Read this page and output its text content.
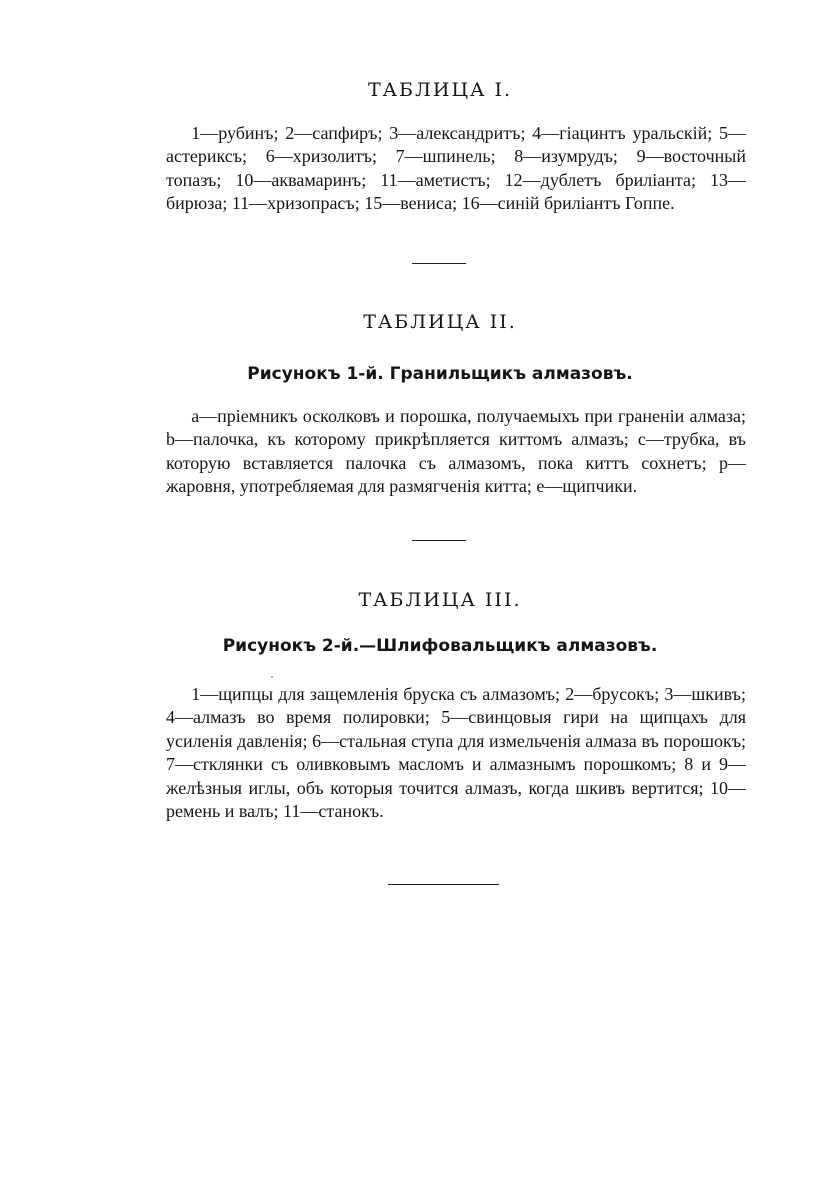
ТАБЛИЦА I.

1—рубинъ; 2—сапфиръ; 3—александритъ; 4—гіацинтъ уральскій; 5—астериксъ; 6—хризолитъ; 7—шпинель; 8—изумрудъ; 9—восточный топазъ; 10—аквамаринъ; 11—аметистъ; 12—дублетъ бриліанта; 13—бирюза; 11—хризопрасъ; 15—вениса; 16—синій бриліантъ Гоппе.

ТАБЛИЦА II.
Рисунокъ 1-й. Гранильщикъ алмазовъ.

a—пріемникъ осколковъ и порошка, получаемыхъ при граненіи алмаза; b—палочка, къ которому прикрѣпляется киттомъ алмазъ; c—трубка, въ которую вставляется палочка съ алмазомъ, пока киттъ сохнетъ; p—жаровня, употребляемая для размягченія китта; e—щипчики.

ТАБЛИЦА III.
Рисунокъ 2-й.—Шлифовальщикъ алмазовъ.

1—щипцы для защемленія бруска съ алмазомъ; 2—брусокъ; 3—шкивъ; 4—алмазъ во время полировки; 5—свинцовыя гири на щипцахъ для усиленія давленія; 6—стальная ступа для измельченія алмаза въ порошокъ; 7—стклянки съ оливковымъ масломъ и алмазнымъ порошкомъ; 8 и 9—желѣзныя иглы, объ которыя точится алмазъ, когда шкивъ вертится; 10—ремень и валъ; 11—станокъ.
